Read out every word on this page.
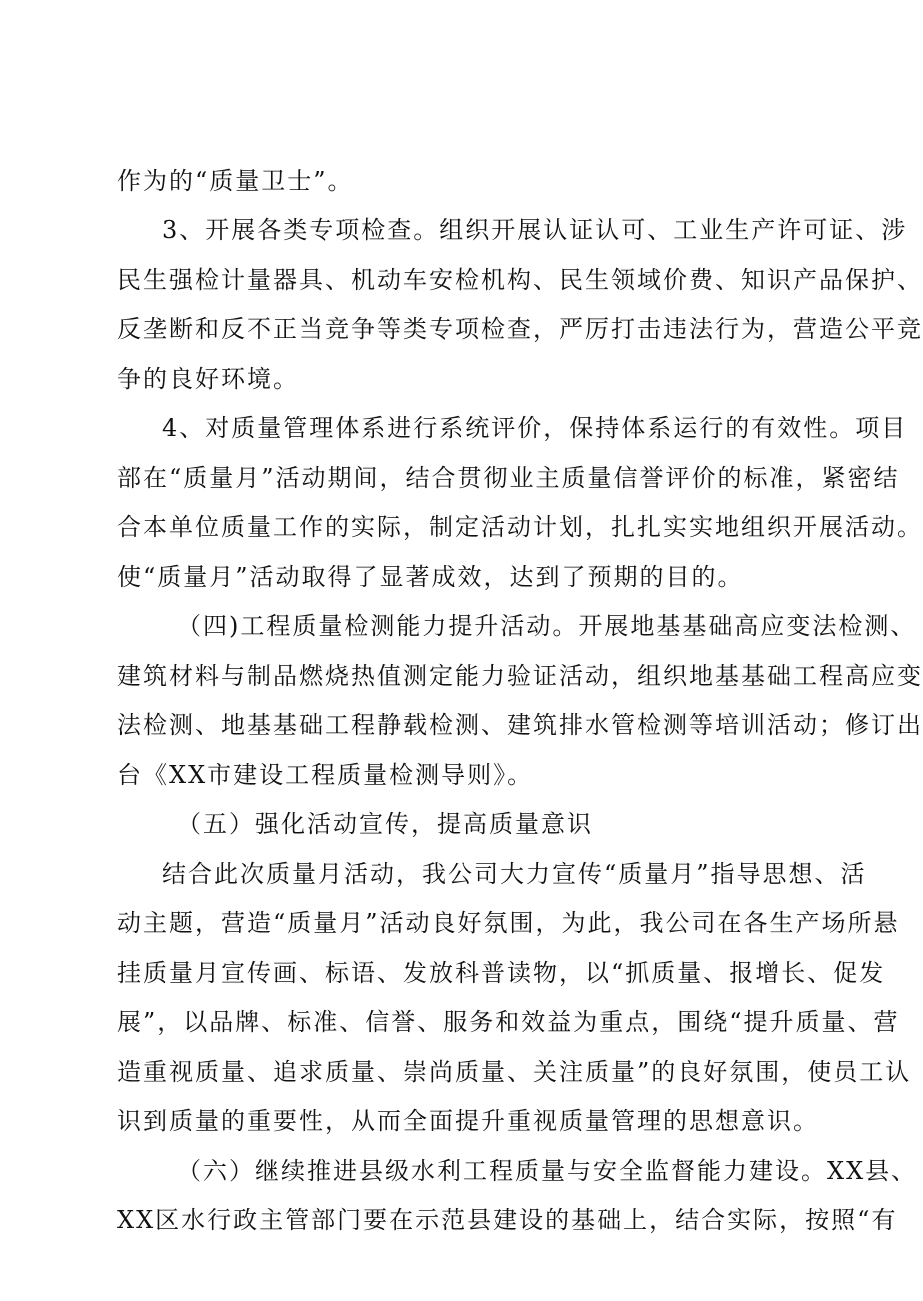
作为的“质量卫士”。
3、开展各类专项检查。组织开展认证认可、工业生产许可证、涉
民生强检计量器具、机动车安检机构、民生领域价费、知识产品保护、
反垄断和反不正当竞争等类专项检查，严厉打击违法行为，营造公平竞
争的良好环境。
4、对质量管理体系进行系统评价，保持体系运行的有效性。项目
部在“质量月”活动期间，结合贯彻业主质量信誉评价的标准，紧密结
合本单位质量工作的实际，制定活动计划，扎扎实实地组织开展活动。
使“质量月”活动取得了显著成效，达到了预期的目的。
（四)工程质量检测能力提升活动。开展地基基础高应变法检测、
建筑材料与制品燃烧热值测定能力验证活动，组织地基基础工程高应变
法检测、地基基础工程静载检测、建筑排水管检测等培训活动；修订出
台《XX市建设工程质量检测导则》。
（五）强化活动宣传，提高质量意识
结合此次质量月活动，我公司大力宣传“质量月”指导思想、活
动主题，营造“质量月”活动良好氛围，为此，我公司在各生产场所悬
挂质量月宣传画、标语、发放科普读物，以“抓质量、报增长、促发
展”，以品牌、标准、信誉、服务和效益为重点，围绕“提升质量、营
造重视质量、追求质量、崇尚质量、关注质量”的良好氛围，使员工认
识到质量的重要性，从而全面提升重视质量管理的思想意识。
（六）继续推进县级水利工程质量与安全监督能力建设。XX县、
XX区水行政主管部门要在示范县建设的基础上，结合实际，按照“有
